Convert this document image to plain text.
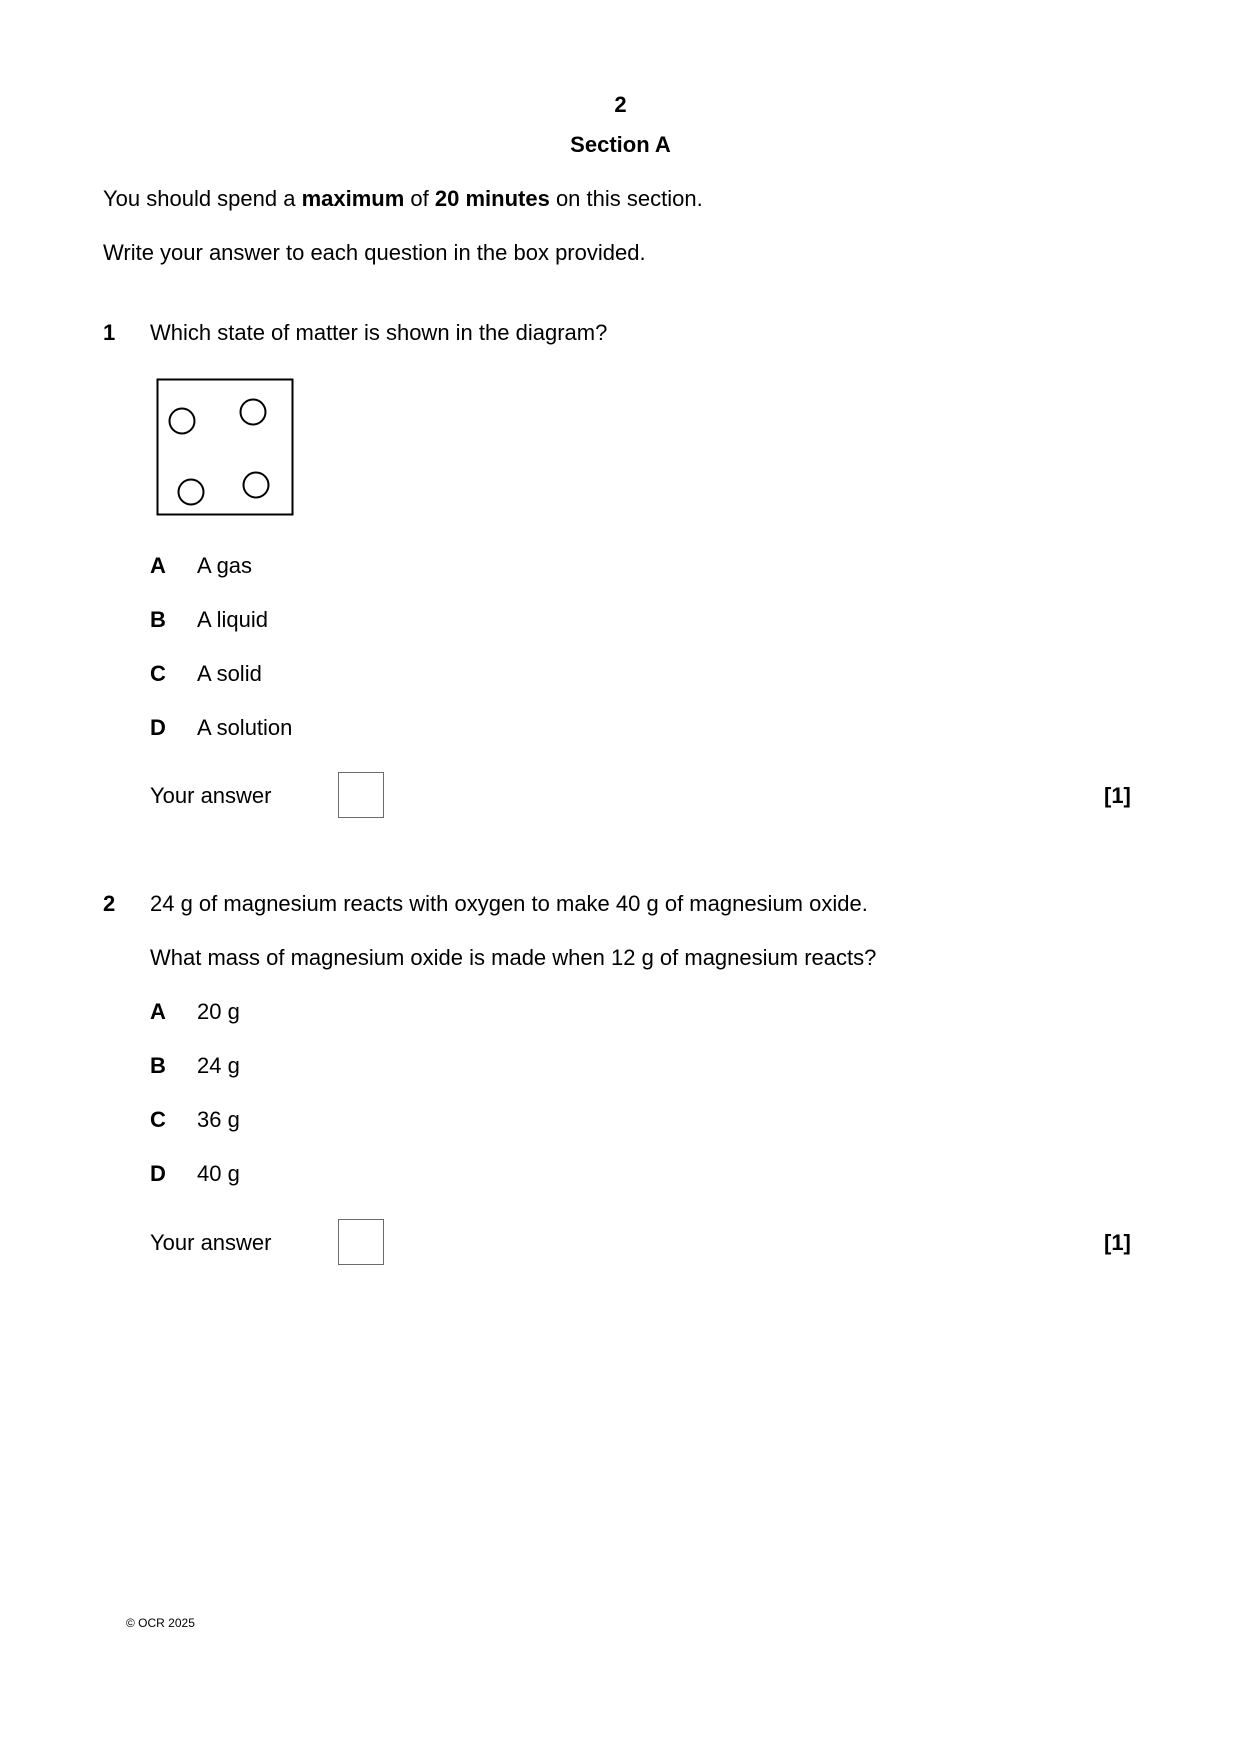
2
Section A
You should spend a maximum of 20 minutes on this section.
Write your answer to each question in the box provided.
1 Which state of matter is shown in the diagram?
A A gas
B A liquid
C A solid
D A solution
Your answer	[1]
2 24 g of magnesium reacts with oxygen to make 40 g of magnesium oxide.
What mass of magnesium oxide is made when 12 g of magnesium reacts?
A 20 g
B 24 g
C 36 g
D 40 g
Your answer	[1]
© OCR 2025
